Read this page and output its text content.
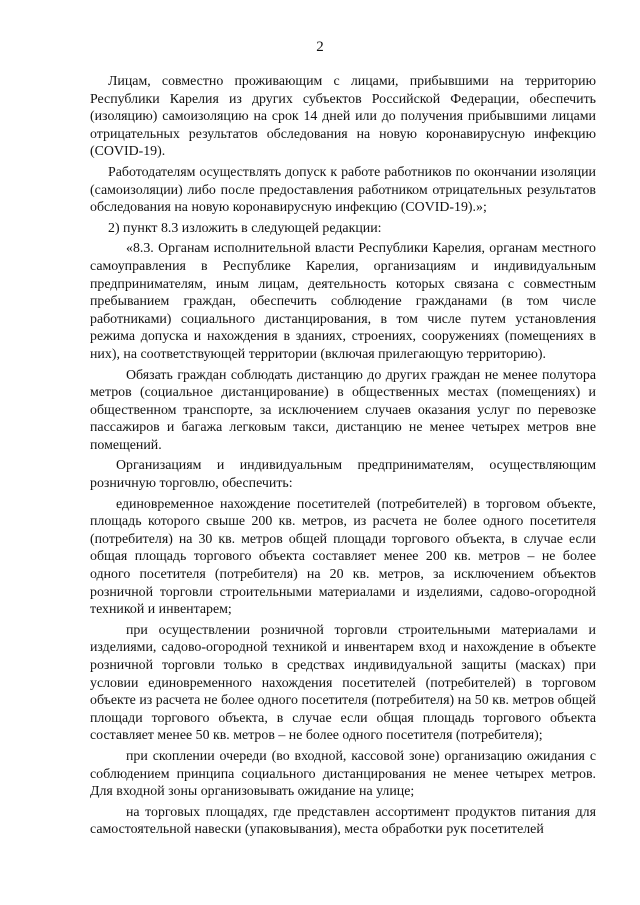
2

Лицам, совместно проживающим с лицами, прибывшими на территорию Республики Карелия из других субъектов Российской Федерации, обеспечить (изоляцию) самоизоляцию на срок 14 дней или до получения прибывшими лицами отрицательных результатов обследования на новую коронавирусную инфекцию (COVID-19).

Работодателям осуществлять допуск к работе работников по окончании изоляции (самоизоляции) либо после предоставления работником отрицательных результатов обследования на новую коронавирусную инфекцию (COVID-19).»;

2) пункт 8.3 изложить в следующей редакции:

«8.3. Органам исполнительной власти Республики Карелия, органам местного самоуправления в Республике Карелия, организациям и индивидуальным предпринимателям, иным лицам, деятельность которых связана с совместным пребыванием граждан, обеспечить соблюдение гражданами (в том числе работниками) социального дистанцирования, в том числе путем установления режима допуска и нахождения в зданиях, строениях, сооружениях (помещениях в них), на соответствующей территории (включая прилегающую территорию).

Обязать граждан соблюдать дистанцию до других граждан не менее полутора метров (социальное дистанцирование) в общественных местах (помещениях) и общественном транспорте, за исключением случаев оказания услуг по перевозке пассажиров и багажа легковым такси, дистанцию не менее четырех метров вне помещений.

Организациям и индивидуальным предпринимателям, осуществляющим розничную торговлю, обеспечить:

единовременное нахождение посетителей (потребителей) в торговом объекте, площадь которого свыше 200 кв. метров, из расчета не более одного посетителя (потребителя) на 30 кв. метров общей площади торгового объекта, в случае если общая площадь торгового объекта составляет менее 200 кв. метров – не более одного посетителя (потребителя) на 20 кв. метров, за исключением объектов розничной торговли строительными материалами и изделиями, садово-огородной техникой и инвентарем;

при осуществлении розничной торговли строительными материалами и изделиями, садово-огородной техникой и инвентарем вход и нахождение в объекте розничной торговли только в средствах индивидуальной защиты (масках) при условии единовременного нахождения посетителей (потребителей) в торговом объекте из расчета не более одного посетителя (потребителя) на 50 кв. метров общей площади торгового объекта, в случае если общая площадь торгового объекта составляет менее 50 кв. метров – не более одного посетителя (потребителя);

при скоплении очереди (во входной, кассовой зоне) организацию ожидания с соблюдением принципа социального дистанцирования не менее четырех метров. Для входной зоны организовывать ожидание на улице;

на торговых площадях, где представлен ассортимент продуктов питания для самостоятельной навески (упаковывания), места обработки рук посетителей
